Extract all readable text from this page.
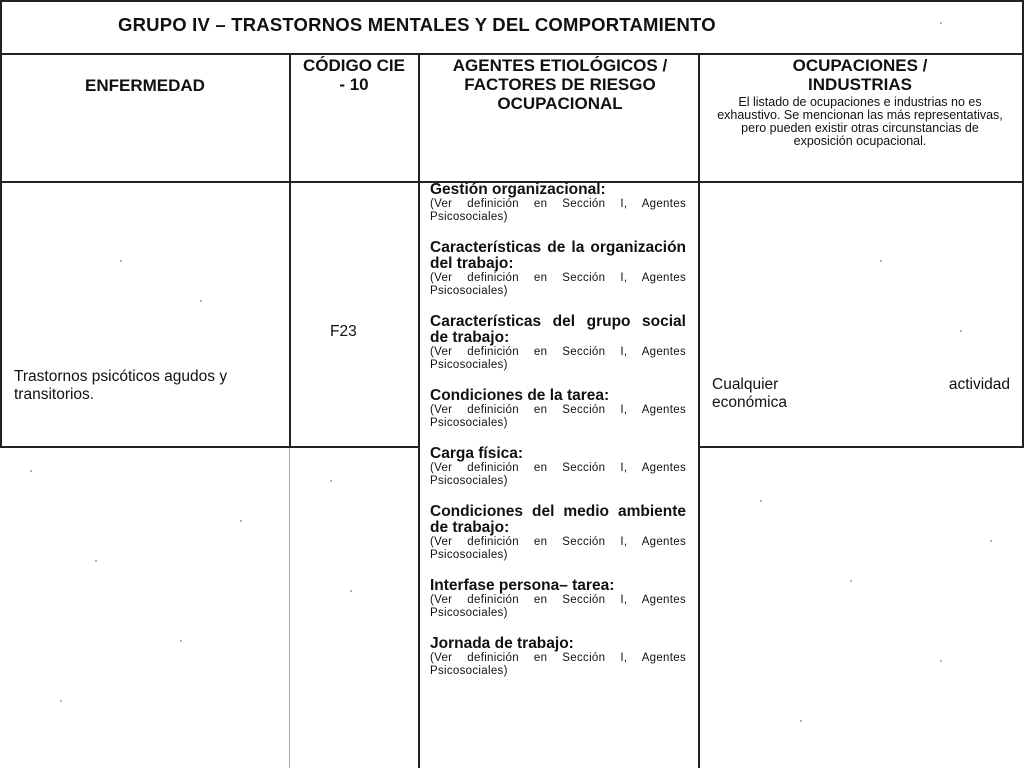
GRUPO IV – TRASTORNOS MENTALES Y DEL COMPORTAMIENTO
ENFERMEDAD
CÓDIGO CIE - 10
AGENTES ETIOLÓGICOS / FACTORES DE RIESGO OCUPACIONAL
OCUPACIONES / INDUSTRIAS
El listado de ocupaciones e industrias no es exhaustivo. Se mencionan las más representativas, pero pueden existir otras circunstancias de exposición ocupacional.
Trastornos psicóticos agudos y transitorios.
F23
Cualquier actividad
económica
Gestión organizacional:
(Ver definición en Sección I, Agentes Psicosociales)
Características de la organización del trabajo:
(Ver definición en Sección I, Agentes Psicosociales)
Características del grupo social de trabajo:
(Ver definición en Sección I, Agentes Psicosociales)
Condiciones de la tarea:
(Ver definición en Sección I, Agentes Psicosociales)
Carga física:
(Ver definición en Sección I, Agentes Psicosociales)
Condiciones del medio ambiente de trabajo:
(Ver definición en Sección I, Agentes Psicosociales)
Interfase persona– tarea:
(Ver definición en Sección I, Agentes Psicosociales)
Jornada de trabajo:
(Ver definición en Sección I, Agentes Psicosociales)
